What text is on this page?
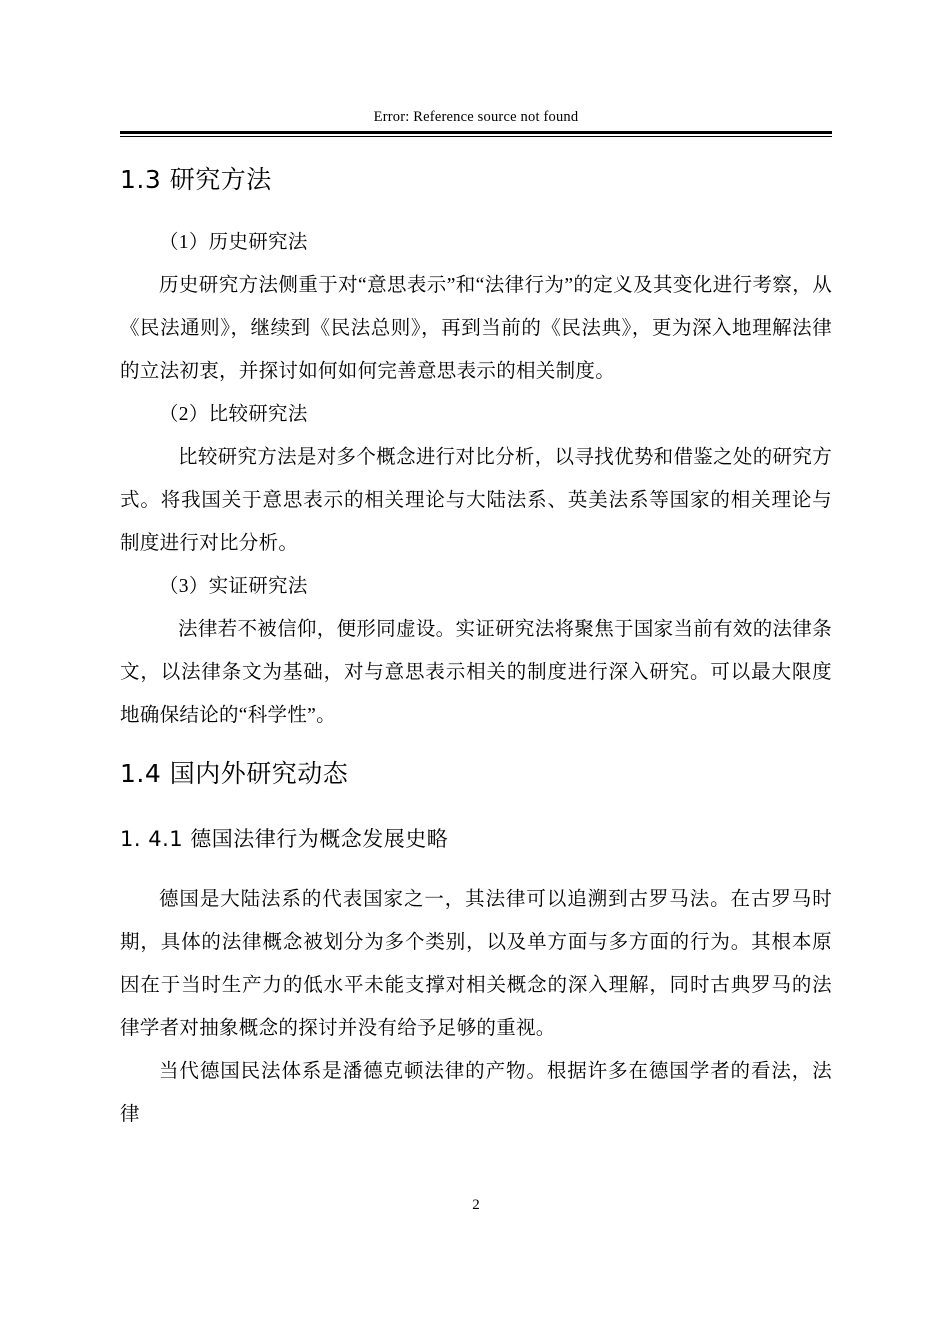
Error: Reference source not found
1.3 研究方法

（1）历史研究法

历史研究方法侧重于对“意思表示”和“法律行为”的定义及其变化进行考察，从《民法通则》，继续到《民法总则》，再到当前的《民法典》，更为深入地理解法律的立法初衷，并探讨如何如何完善意思表示的相关制度。

（2）比较研究法

比较研究方法是对多个概念进行对比分析，以寻找优势和借鉴之处的研究方式。将我国关于意思表示的相关理论与大陆法系、英美法系等国家的相关理论与制度进行对比分析。

（3）实证研究法

法律若不被信仰，便形同虚设。实证研究法将聚焦于国家当前有效的法律条文，以法律条文为基础，对与意思表示相关的制度进行深入研究。可以最大限度地确保结论的“科学性”。

1.4 国内外研究动态
1. 4.1 德国法律行为概念发展史略

德国是大陆法系的代表国家之一，其法律可以追溯到古罗马法。在古罗马时期，具体的法律概念被划分为多个类别，以及单方面与多方面的行为。其根本原因在于当时生产力的低水平未能支撑对相关概念的深入理解，同时古典罗马的法律学者对抽象概念的探讨并没有给予足够的重视。

当代德国民法体系是潘德克顿法律的产物。根据许多在德国学者的看法，法律

2
